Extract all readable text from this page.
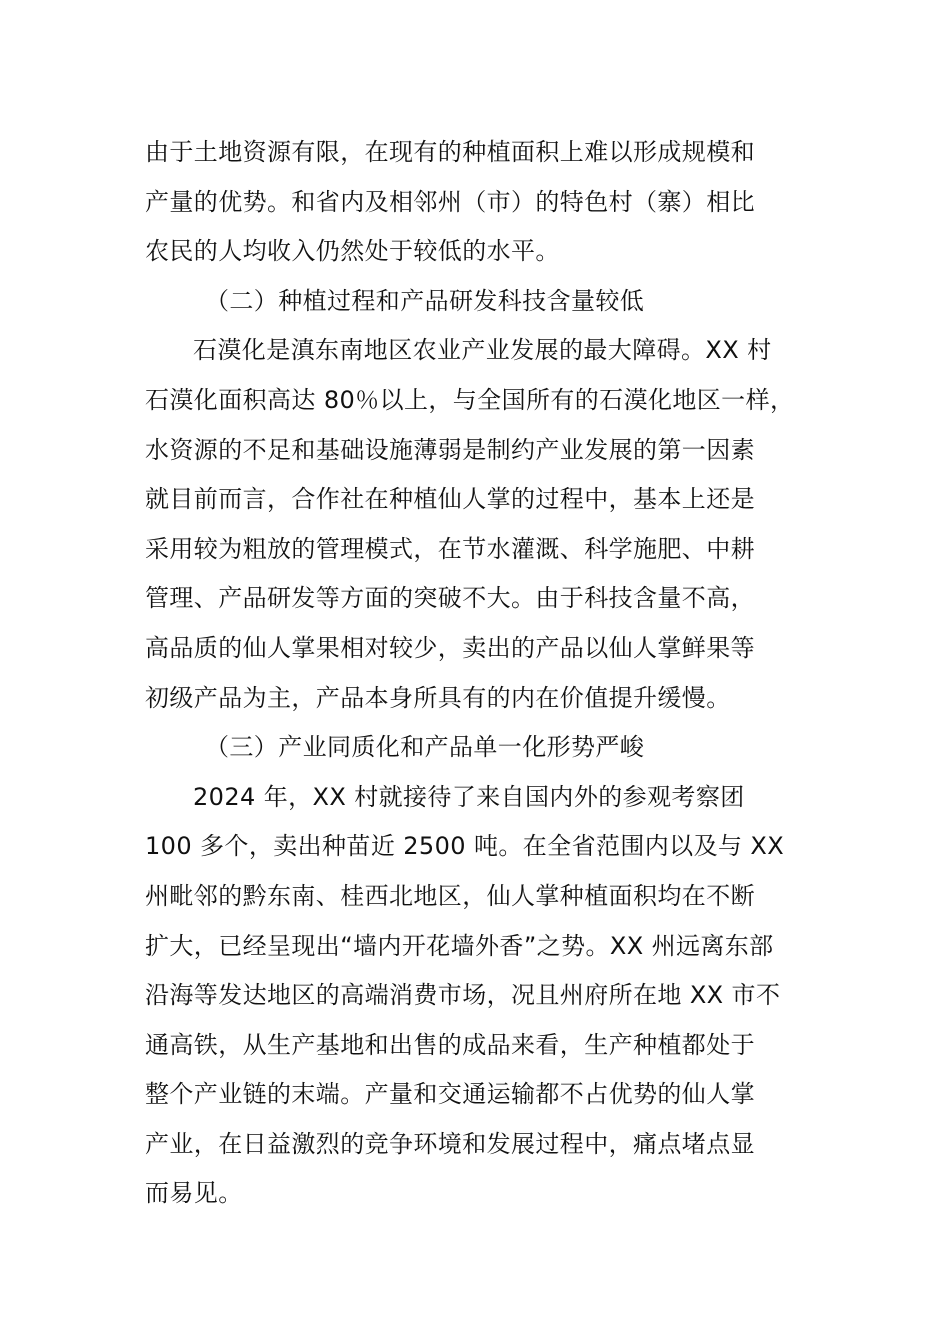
由于土地资源有限，在现有的种植面积上难以形成规模和
产量的优势。和省内及相邻州（市）的特色村（寨）相比
农民的人均收入仍然处于较低的水平。
（二）种植过程和产品研发科技含量较低
石漠化是滇东南地区农业产业发展的最大障碍。XX 村
石漠化面积高达 80％以上，与全国所有的石漠化地区一样，
水资源的不足和基础设施薄弱是制约产业发展的第一因素
就目前而言，合作社在种植仙人掌的过程中，基本上还是
采用较为粗放的管理模式，在节水灌溉、科学施肥、中耕
管理、产品研发等方面的突破不大。由于科技含量不高，
高品质的仙人掌果相对较少，卖出的产品以仙人掌鲜果等
初级产品为主，产品本身所具有的内在价值提升缓慢。
（三）产业同质化和产品单一化形势严峻
2024 年，XX 村就接待了来自国内外的参观考察团
100 多个，卖出种苗近 2500 吨。在全省范围内以及与 XX
州毗邻的黔东南、桂西北地区，仙人掌种植面积均在不断
扩大，已经呈现出“墙内开花墙外香”之势。XX 州远离东部
沿海等发达地区的高端消费市场，况且州府所在地 XX 市不
通高铁，从生产基地和出售的成品来看，生产种植都处于
整个产业链的末端。产量和交通运输都不占优势的仙人掌
产业，在日益激烈的竞争环境和发展过程中，痛点堵点显
而易见。
